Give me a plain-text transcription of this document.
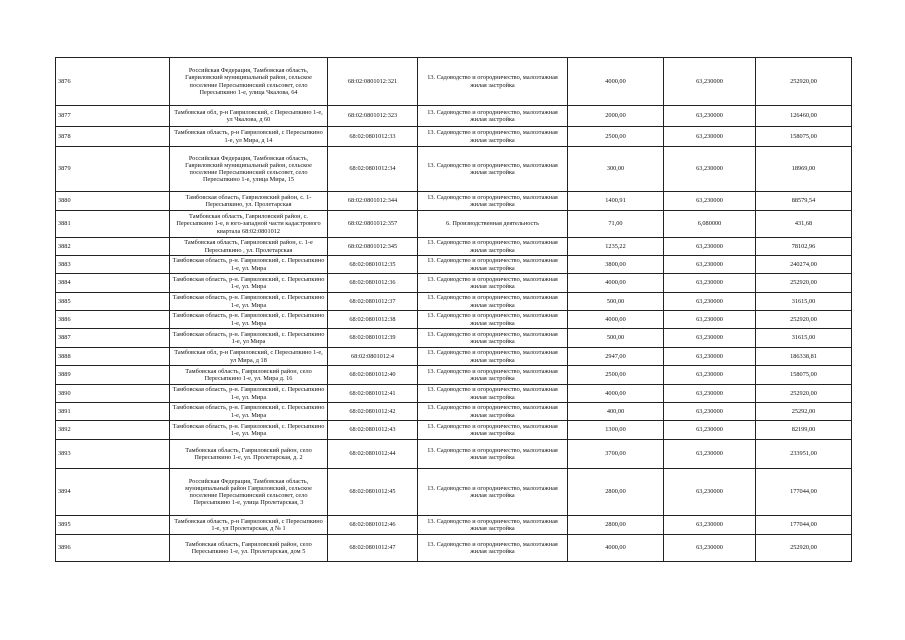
3876	Российская Федерация, Тамбовская область, Гавриловский муниципальный район, сельское поселение Пересыпкинский сельсовет, село Пересыпкино 1-е, улица Чкалова, 64	68:02:0801012:321	13. Садоводство и огородничество, малоэтажная жилая застройка	4000,00	63,230000	252920,00
3877	Тамбовская обл, р-н Гавриловский, с Пересыпкино 1-е, ул Чкалова, д 60	68:02:0801012:323	13. Садоводство и огородничество, малоэтажная жилая застройка	2000,00	63,230000	126460,00
3878	Тамбовская область, р-н Гавриловский, с Пересыпкино 1-е, ул Мира, д 14	68:02:0801012:33	13. Садоводство и огородничество, малоэтажная жилая застройка	2500,00	63,230000	158075,00
3879	Российская Федерация, Тамбовская область, Гавриловский муниципальный район, сельское поселение Пересыпкинский сельсовет, село Пересыпкино 1-е, улица Мира, 15	68:02:0801012:34	13. Садоводство и огородничество, малоэтажная жилая застройка	300,00	63,230000	18969,00
3880	Тамбовская область, Гавриловский район, с. 1-Пересыпкино, ул. Пролетарская	68:02:0801012:344	13. Садоводство и огородничество, малоэтажная жилая застройка	1400,91	63,230000	88579,54
3881	Тамбовская область, Гавриловский район, с. Пересыпкино 1-е, в юго-западной части кадастрового квартала 68:02:0801012	68:02:0801012:357	6. Производственная деятельность	71,00	6,080000	431,68
3882	Тамбовская область, Гавриловский район, с. 1-е Пересыпкино , ул. Пролетарская	68:02:0801012:345	13. Садоводство и огородничество, малоэтажная жилая застройка	1235,22	63,230000	78102,96
3883	Тамбовская область, р-н. Гавриловский, с. Пересыпкино 1-е, ул. Мира	68:02:0801012:35	13. Садоводство и огородничество, малоэтажная жилая застройка	3800,00	63,230000	240274,00
3884	Тамбовская область, р-н. Гавриловский, с. Пересыпкино 1-е, ул. Мира	68:02:0801012:36	13. Садоводство и огородничество, малоэтажная жилая застройка	4000,00	63,230000	252920,00
3885	Тамбовская область, р-н. Гавриловский, с. Пересыпкино 1-е, ул. Мира	68:02:0801012:37	13. Садоводство и огородничество, малоэтажная жилая застройка	500,00	63,230000	31615,00
3886	Тамбовская область, р-н. Гавриловский, с. Пересыпкино 1-е, ул. Мира	68:02:0801012:38	13. Садоводство и огородничество, малоэтажная жилая застройка	4000,00	63,230000	252920,00
3887	Тамбовская область, р-н. Гавриловский, с. Пересыпкино 1-е, ул Мира	68:02:0801012:39	13. Садоводство и огородничество, малоэтажная жилая застройка	500,00	63,230000	31615,00
3888	Тамбовская обл, р-н Гавриловский, с Пересыпкино 1-е, ул Мира, д 18	68:02:0801012:4	13. Садоводство и огородничество, малоэтажная жилая застройка	2947,00	63,230000	186338,81
3889	Тамбовская область, Гавриловский район, село Пересыпкино 1-е, ул. Мира д. 16	68:02:0801012:40	13. Садоводство и огородничество, малоэтажная жилая застройка	2500,00	63,230000	158075,00
3890	Тамбовская область, р-н. Гавриловский, с. Пересыпкино 1-е, ул. Мира	68:02:0801012:41	13. Садоводство и огородничество, малоэтажная жилая застройка	4000,00	63,230000	252920,00
3891	Тамбовская область, р-н. Гавриловский, с. Пересыпкино 1-е, ул. Мира	68:02:0801012:42	13. Садоводство и огородничество, малоэтажная жилая застройка	400,00	63,230000	25292,00
3892	Тамбовская область, р-н. Гавриловский, с. Пересыпкино 1-е, ул. Мира	68:02:0801012:43	13. Садоводство и огородничество, малоэтажная жилая застройка	1300,00	63,230000	82199,00
3893	Тамбовская область, Гавриловский район, село Пересыпкино 1-е, ул. Пролетарская, д. 2	68:02:0801012:44	13. Садоводство и огородничество, малоэтажная жилая застройка	3700,00	63,230000	233951,00
3894	Российская Федерация, Тамбовская область, муниципальный район Гавриловский, сельское поселение Пересыпкинский сельсовет, село Пересыпкино 1-е, улица Пролетарская, 3	68:02:0801012:45	13. Садоводство и огородничество, малоэтажная жилая застройка	2800,00	63,230000	177044,00
3895	Тамбовская область, р-н Гавриловский, с Пересыпкино 1-е, ул Пролетарская, д № 1	68:02:0801012:46	13. Садоводство и огородничество, малоэтажная жилая застройка	2800,00	63,230000	177044,00
3896	Тамбовская область, Гавриловский район, село Пересыпкино 1-е, ул. Пролетарская, дом 5	68:02:0801012:47	13. Садоводство и огородничество, малоэтажная жилая застройка	4000,00	63,230000	252920,00
